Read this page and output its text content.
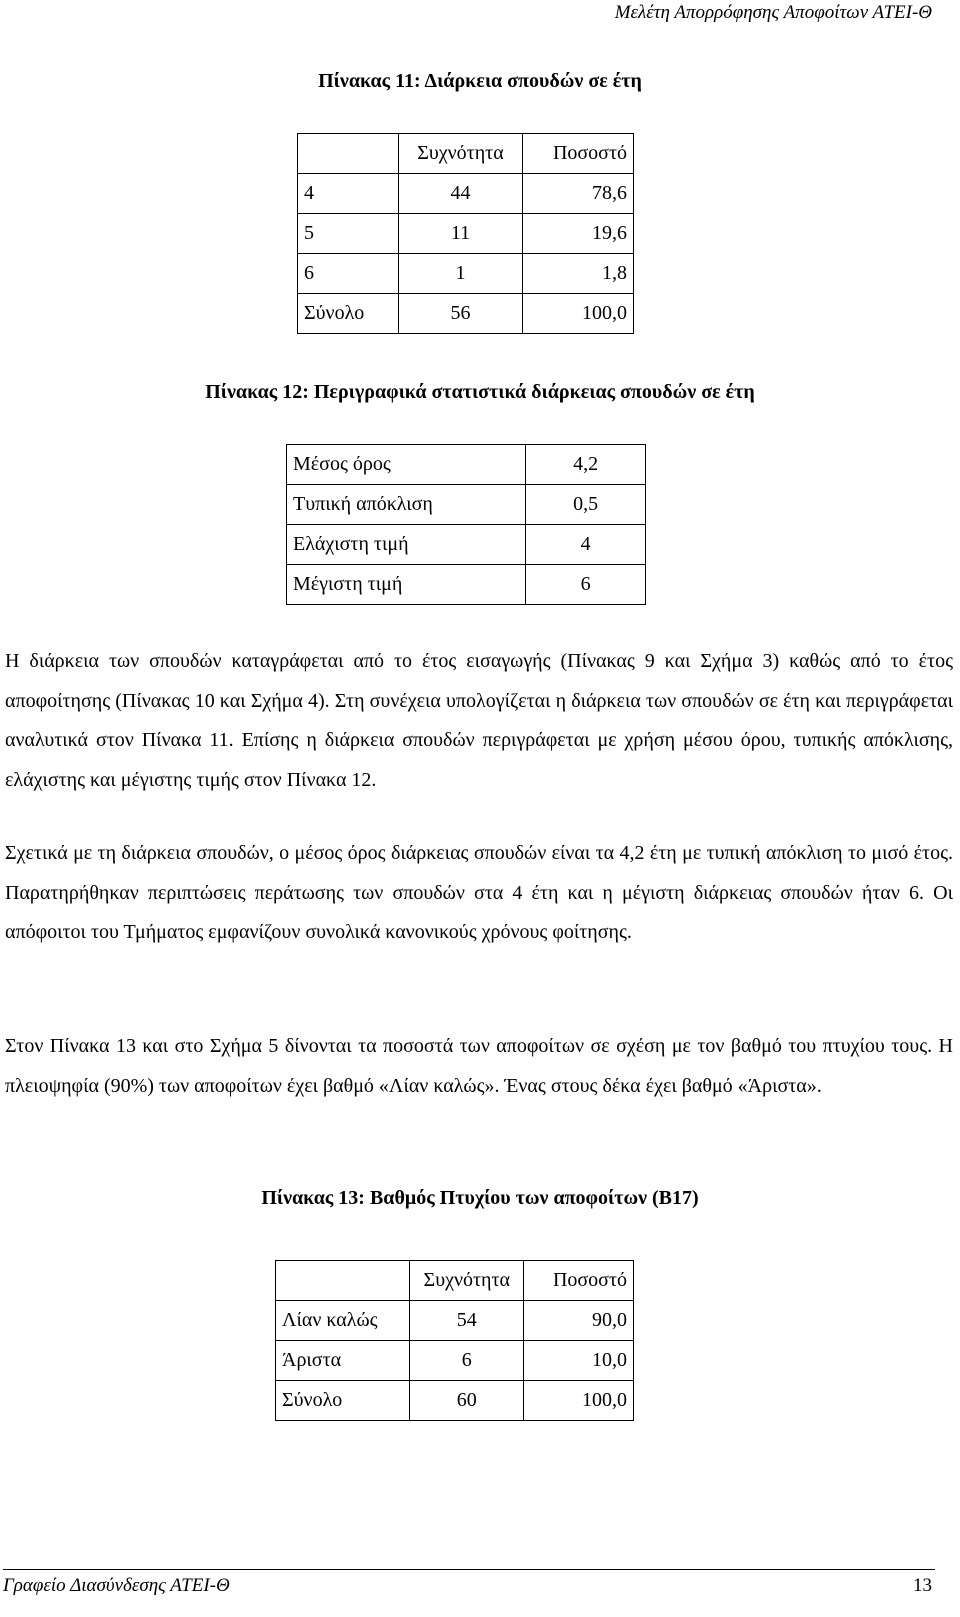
Μελέτη Απορρόφησης Αποφοίτων ΑΤΕΙ-Θ
Πίνακας 11: Διάρκεια σπουδών σε έτη
	Συχνότητα	Ποσοστό
4	44	78,6
5	11	19,6
6	1	1,8
Σύνολο	56	100,0
Πίνακας 12: Περιγραφικά στατιστικά διάρκειας σπουδών σε έτη
Μέσος όρος	4,2
Τυπική απόκλιση	0,5
Ελάχιστη τιμή	4
Μέγιστη τιμή	6

Η διάρκεια των σπουδών καταγράφεται από το έτος εισαγωγής (Πίνακας 9 και Σχήμα 3) καθώς από το έτος αποφοίτησης (Πίνακας 10 και Σχήμα 4). Στη συνέχεια υπολογίζεται η διάρκεια των σπουδών σε έτη και περιγράφεται αναλυτικά στον Πίνακα 11. Επίσης η διάρκεια σπουδών περιγράφεται με χρήση μέσου όρου, τυπικής απόκλισης, ελάχιστης και μέγιστης τιμής στον Πίνακα 12.

Σχετικά με τη διάρκεια σπουδών, ο μέσος όρος διάρκειας σπουδών είναι τα 4,2 έτη με τυπική απόκλιση το μισό έτος. Παρατηρήθηκαν περιπτώσεις περάτωσης των σπουδών στα 4 έτη και η μέγιστη διάρκειας σπουδών ήταν 6. Οι απόφοιτοι του Τμήματος εμφανίζουν συνολικά κανονικούς χρόνους φοίτησης.

Στον Πίνακα 13 και στο Σχήμα 5 δίνονται τα ποσοστά των αποφοίτων σε σχέση με τον βαθμό του πτυχίου τους. Η πλειοψηφία (90%) των αποφοίτων έχει βαθμό «Λίαν καλώς». Ένας στους δέκα έχει βαθμό «Άριστα».

Πίνακας 13: Βαθμός Πτυχίου των αποφοίτων (Β17)
	Συχνότητα	Ποσοστό
Λίαν καλώς	54	90,0
Άριστα	6	10,0
Σύνολο	60	100,0
Γραφείο Διασύνδεσης ΑΤΕΙ-Θ	13
